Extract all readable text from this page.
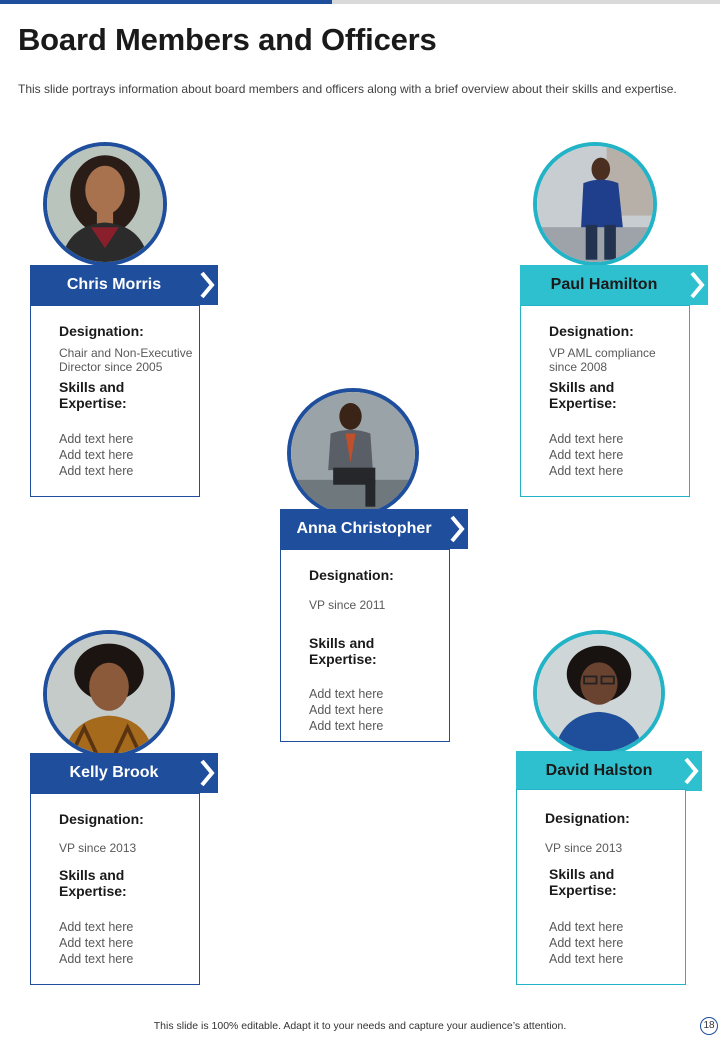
Board Members and Officers
This slide portrays information about board members and officers along with a brief overview about their skills and expertise.
Chris Morris
Designation:
Chair and Non-Executive
Director since 2005
Skills and
Expertise:
Add text here
Add text here
Add text here
Paul Hamilton
Designation:
VP AML compliance
since 2008
Skills and
Expertise:
Add text here
Add text here
Add text here
Anna Christopher
Designation:
VP since 2011
Skills and
Expertise:
Add text here
Add text here
Add text here
Kelly Brook
Designation:
VP since 2013
Skills and
Expertise:
Add text here
Add text here
Add text here
David Halston
Designation:
VP since 2013
Skills and
Expertise:
Add text here
Add text here
Add text here
This slide is 100% editable. Adapt it to your needs and capture your audience’s attention.	18
